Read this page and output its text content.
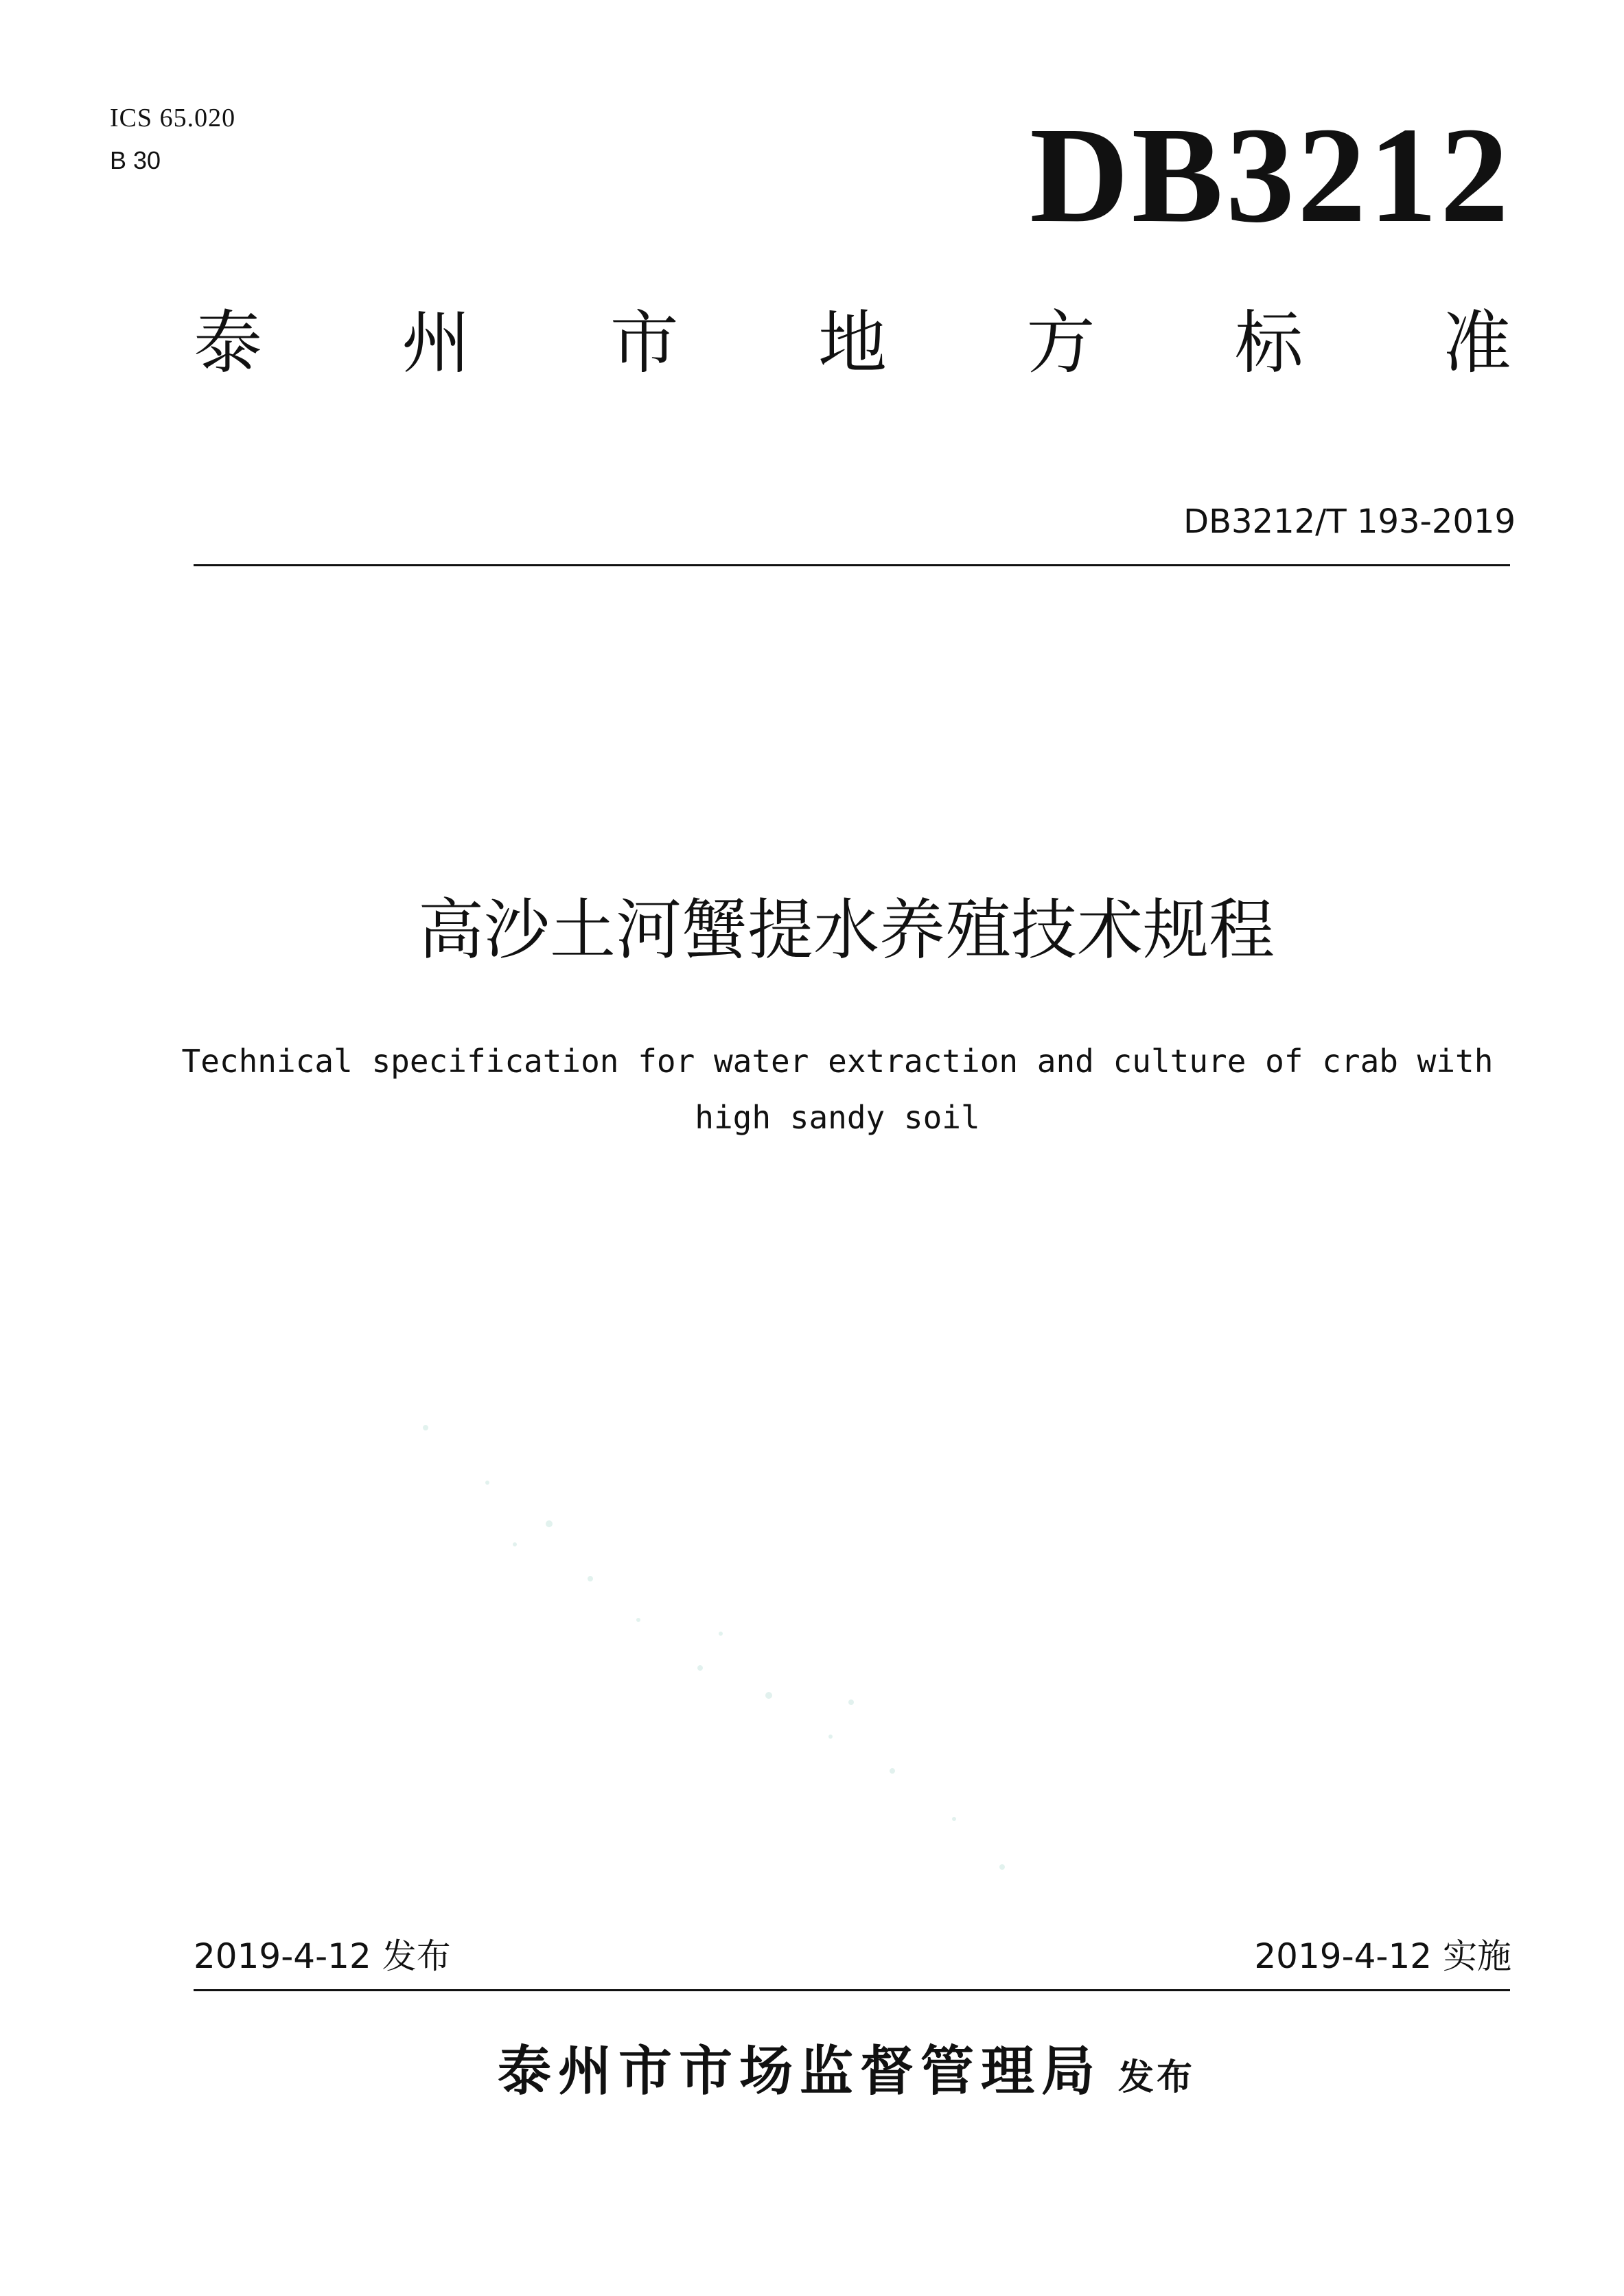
ICS 65.020
B 30	DB3212
泰 州 市 地 方 标 准
DB3212/T 193-2019
高沙土河蟹提水养殖技术规程
Technical specification for water extraction and culture of crab with
high sandy soil
2019-4-12 发布	2019-4-12 实施
泰州市市场监督管理局 发布
